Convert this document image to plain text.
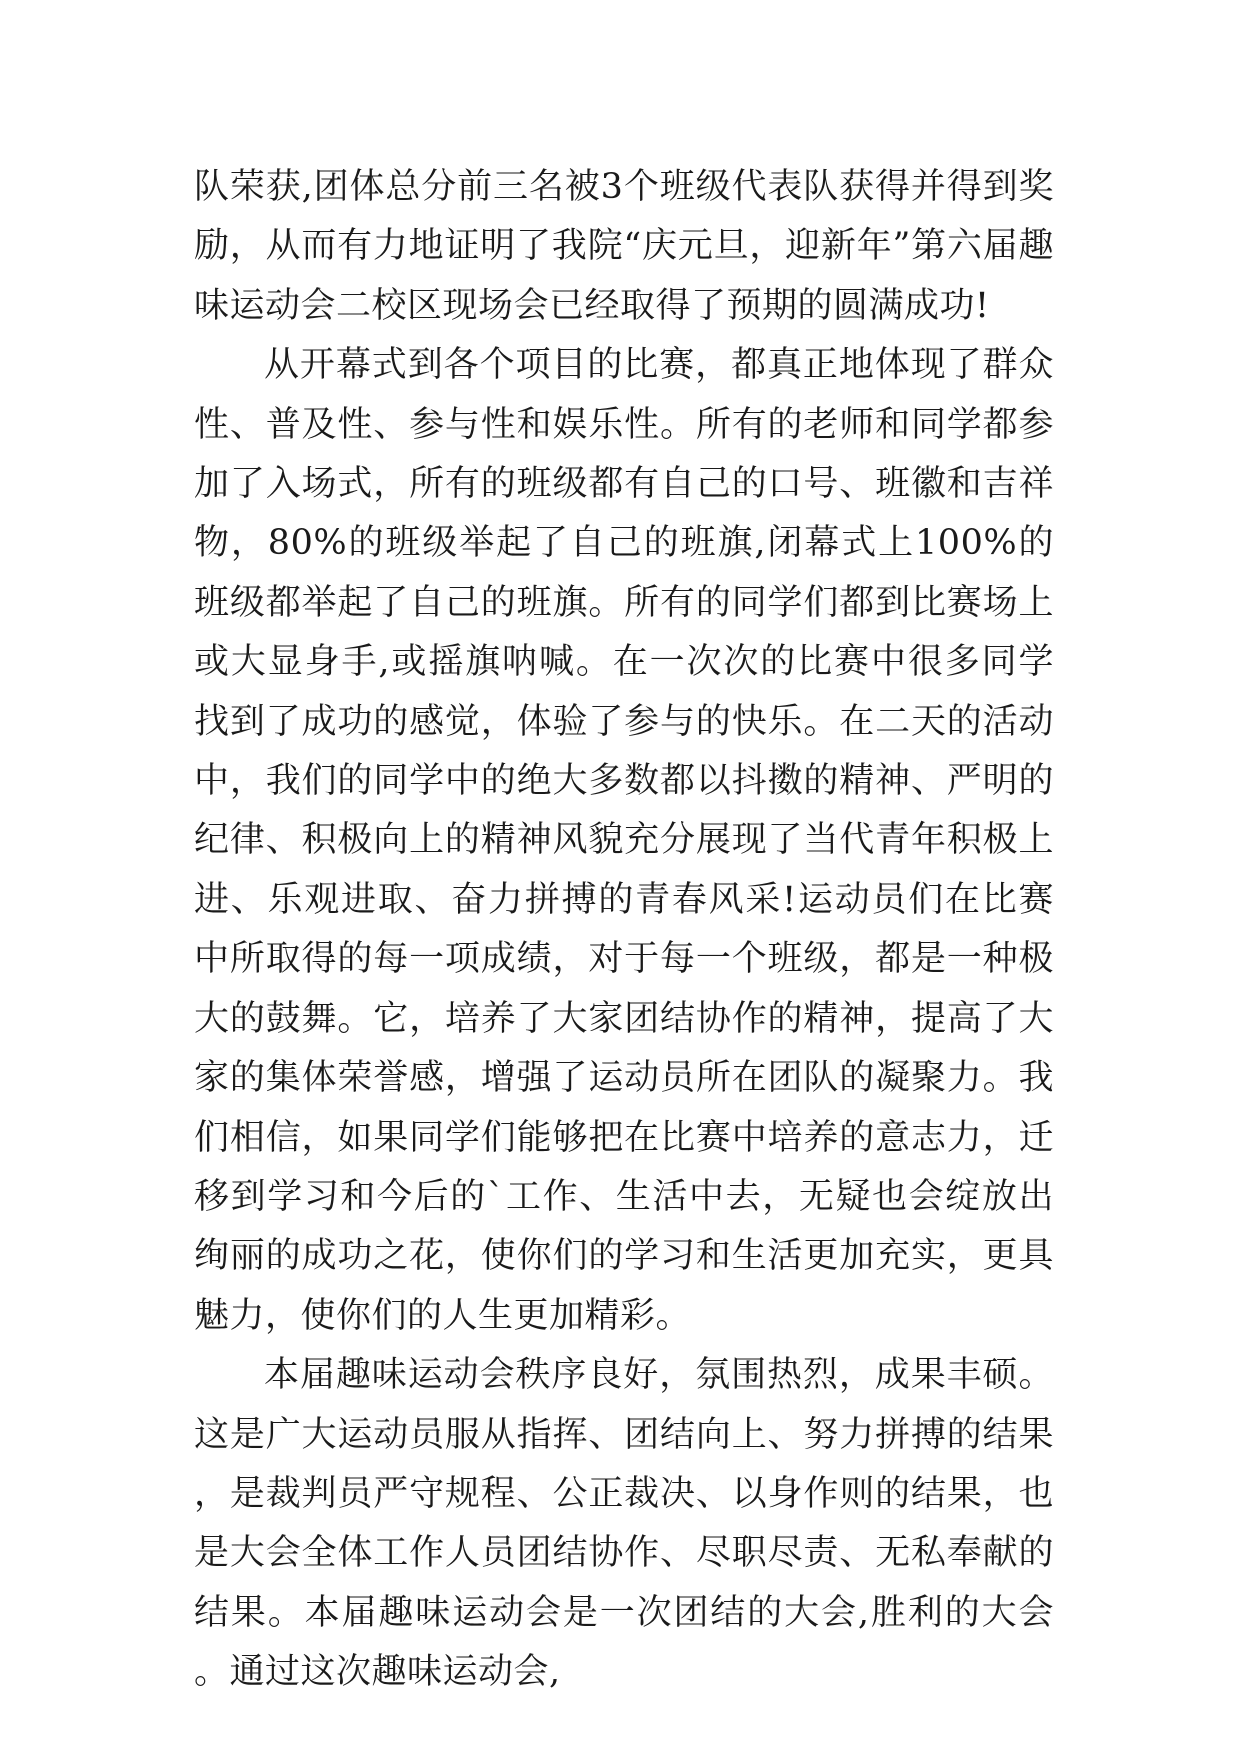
队荣获,团体总分前三名被3个班级代表队获得并得到奖励，从而有力地证明了我院“庆元旦，迎新年”第六届趣味运动会二校区现场会已经取得了预期的圆满成功!

从开幕式到各个项目的比赛，都真正地体现了群众性、普及性、参与性和娱乐性。所有的老师和同学都参加了入场式，所有的班级都有自己的口号、班徽和吉祥物，80%的班级举起了自己的班旗,闭幕式上100%的班级都举起了自己的班旗。所有的同学们都到比赛场上或大显身手,或摇旗呐喊。在一次次的比赛中很多同学找到了成功的感觉，体验了参与的快乐。在二天的活动中，我们的同学中的绝大多数都以抖擞的精神、严明的纪律、积极向上的精神风貌充分展现了当代青年积极上进、乐观进取、奋力拼搏的青春风采!运动员们在比赛中所取得的每一项成绩，对于每一个班级，都是一种极大的鼓舞。它，培养了大家团结协作的精神，提高了大家的集体荣誉感，增强了运动员所在团队的凝聚力。我们相信，如果同学们能够把在比赛中培养的意志力，迁移到学习和今后的`工作、生活中去，无疑也会绽放出绚丽的成功之花，使你们的学习和生活更加充实，更具魅力，使你们的人生更加精彩。

本届趣味运动会秩序良好，氛围热烈，成果丰硕。这是广大运动员服从指挥、团结向上、努力拼搏的结果，是裁判员严守规程、公正裁决、以身作则的结果，也是大会全体工作人员团结协作、尽职尽责、无私奉献的结果。本届趣味运动会是一次团结的大会,胜利的大会。通过这次趣味运动会,
